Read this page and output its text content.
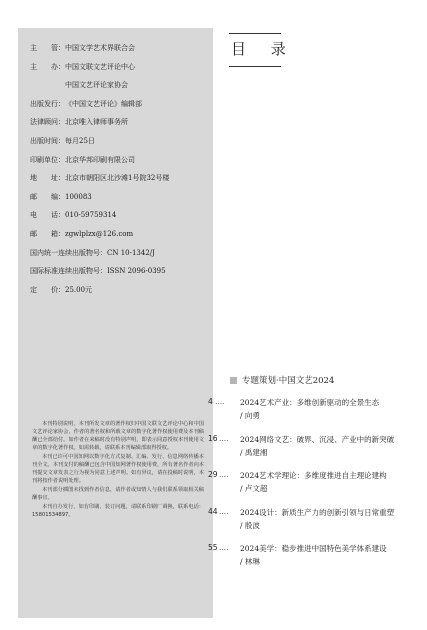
主　　管：中国文学艺术界联合会
主　　办：中国文联文艺评论中心
中国文艺评论家协会
出版发行：《中国文艺评论》编辑部
法律顾问：北京唯入律师事务所
出版时间：每月25日
印刷单位：北京华邦印刷有限公司
地　　址：北京市朝阳区北沙滩1号院32号楼
邮　　编：100083
电　　话：010-59759314
邮　　箱：zgwlplzx@126.com
国内统一连续出版物号：CN 10-1342/J
国际标准连续出版物号：ISSN 2096-0395
定　　价：25.00元

本刊特别说明，本刊所发文章的著作权归中国文联文艺评论中心和中国文艺评论家协会，作者的著名权和所载文章的数字化著作权使用费及本刊稿酬已全部给付。如作者在来稿时没有特别声明，即表示同意授权本刊使用文章的数字化著作权。如需转载，请联系本刊编辑部取得授权。

本刊已许可中国知网以数字化方式复制、汇编、发行、信息网络传播本刊全文。本刊支付的稿酬已包含中国知网著作权使用费，所有著名作者向本刊提交文章发表之行为视为同意上述声明。如有异议，请在投稿时说明，本刊将按作者说明处理。

本刊部分插图未找到作者信息，请作者或知情人与我们联系领取相关稿酬事宜。

本刊自办发行，如有印刷、装订问题，请联系印刷厂调换，联系电话：15801534897。

目 录
专题策划·中国文艺2024
4 .... 2024艺术产业：多维创新驱动的全景生态
/ 向勇
16 .... 2024网络文艺：破界、沉浸、产业中的新突破
/ 禹建湘
29 .... 2024艺术学理论：多维度推进自主理论建构
/ 卢文超
44 .... 2024设计：新质生产力的创新引领与日常重塑
/ 殷波
55 .... 2024美学：稳步推进中国特色美学体系建设
/ 林琳
